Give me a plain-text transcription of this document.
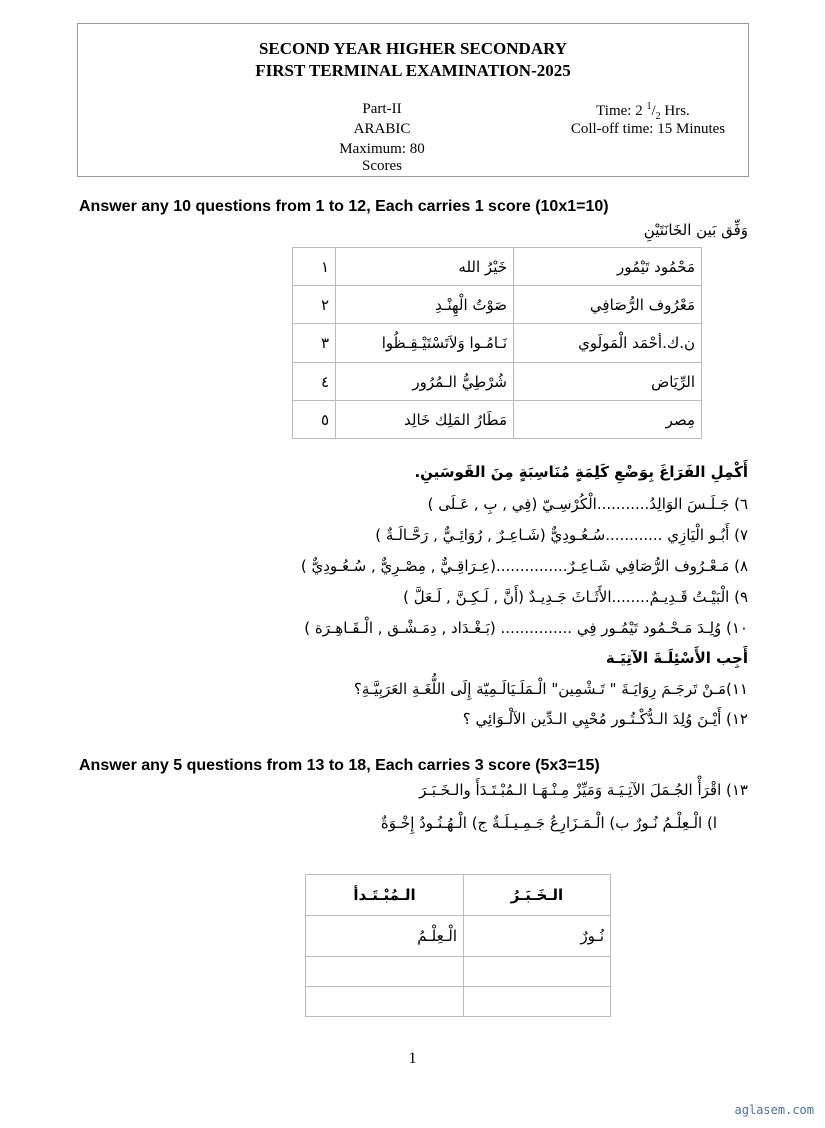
SECOND YEAR HIGHER SECONDARY
FIRST TERMINAL EXAMINATION-2025
Part-II
ARABIC
Maximum: 80 Scores
Time: 2 $^1/_2$ Hrs.
Coll-off time: 15 Minutes
Answer any 10 questions from 1 to 12, Each carries 1 score (10x1=10)
وَفِّق بَين الخَانَتَيْنِ
١	خَيْرُ الله	مَحْمُود تَيْمُور
٢	صَوْتُ الْهِنْـدِ	مَعْرُوف الرُّصَافِي
٣	نَـامُـوا وَلاَتَسْتَيْـقِـظُوا	ن.ك.أحْمَد الْمَولَوي
٤	شُرْطِيُّ الـمُرُور	الرِّيَاض
٥	مَطَارُ المَلِك خَالِد	مِصر
أَكْمِلِ الفَرَاغَ بِوَضْعِ كَلِمَةٍ مُنَاسِبَةٍ مِنَ القَوسَينِ.
٦) جَـلَـسَ الوَالِدُ...........الْكُرْسِـيّ (فِي , بِ , عَـلَى )
٧) أَبُـو الْيَازِي ............سُـعُـودِيٌّ (شَـاعِـرٌ , رُوَائِـيٌّ , رَحَّـالَـةٌ )
٨) مَـعْـرُوف الرُّصَافِي شَـاعِـرٌ...............(عِـرَاقِـيٌّ , مِصْـرِيٌّ , سُـعُـودِيٌّ )
٩) الْبَيْـتُ قَـدِيـمٌ........الأَثَـاثَ جَـدِيـدٌ (أَنَّ , لَـكِـنَّ , لَـعَلَّ )
١٠) وُلِـدَ مَـحْـمُود تَيْمُـور فِي ............... (بَـغْـدَاد , دِمَـشْـق , الْـقَـاهِـرَة )
أَجِب الأَسْئِلَـةَ الآتِيَـة
١١)مَـنْ تَرجَـمَ رِوَايَـةَ " تَـشْمِين" الْـمَلَـيَالَـمِيّة إِلَى اللُّغَـةِ العَرَبِيَّـةِ؟
١٢) أَيْـنَ وُلِدَ الـدُّكْـتُـور مُحْيِي الـدِّين الآلْـوَائِي ؟
Answer any 5 questions from 13 to 18, Each carries 3 score (5x3=15)
١٣) اقْرَأْ الجُـمَلَ الآتِـيَـة وَمَيِّزْ مِـنْـهَـا الـمُبْـتَـدَأَ والـخَـبَـرَ
ا) الْـعِلْـمُ نُـورٌ ب) الْـمَـزَارِعُ جَـمِـيـلَـةٌ ج) الْـهُـنُـودُ إِخْـوَةٌ
الـمُبْـتَـدأ	الـخَـبَـرُ
الْـعِلْـمُ	نُـورٌ

1
aglasem.com
